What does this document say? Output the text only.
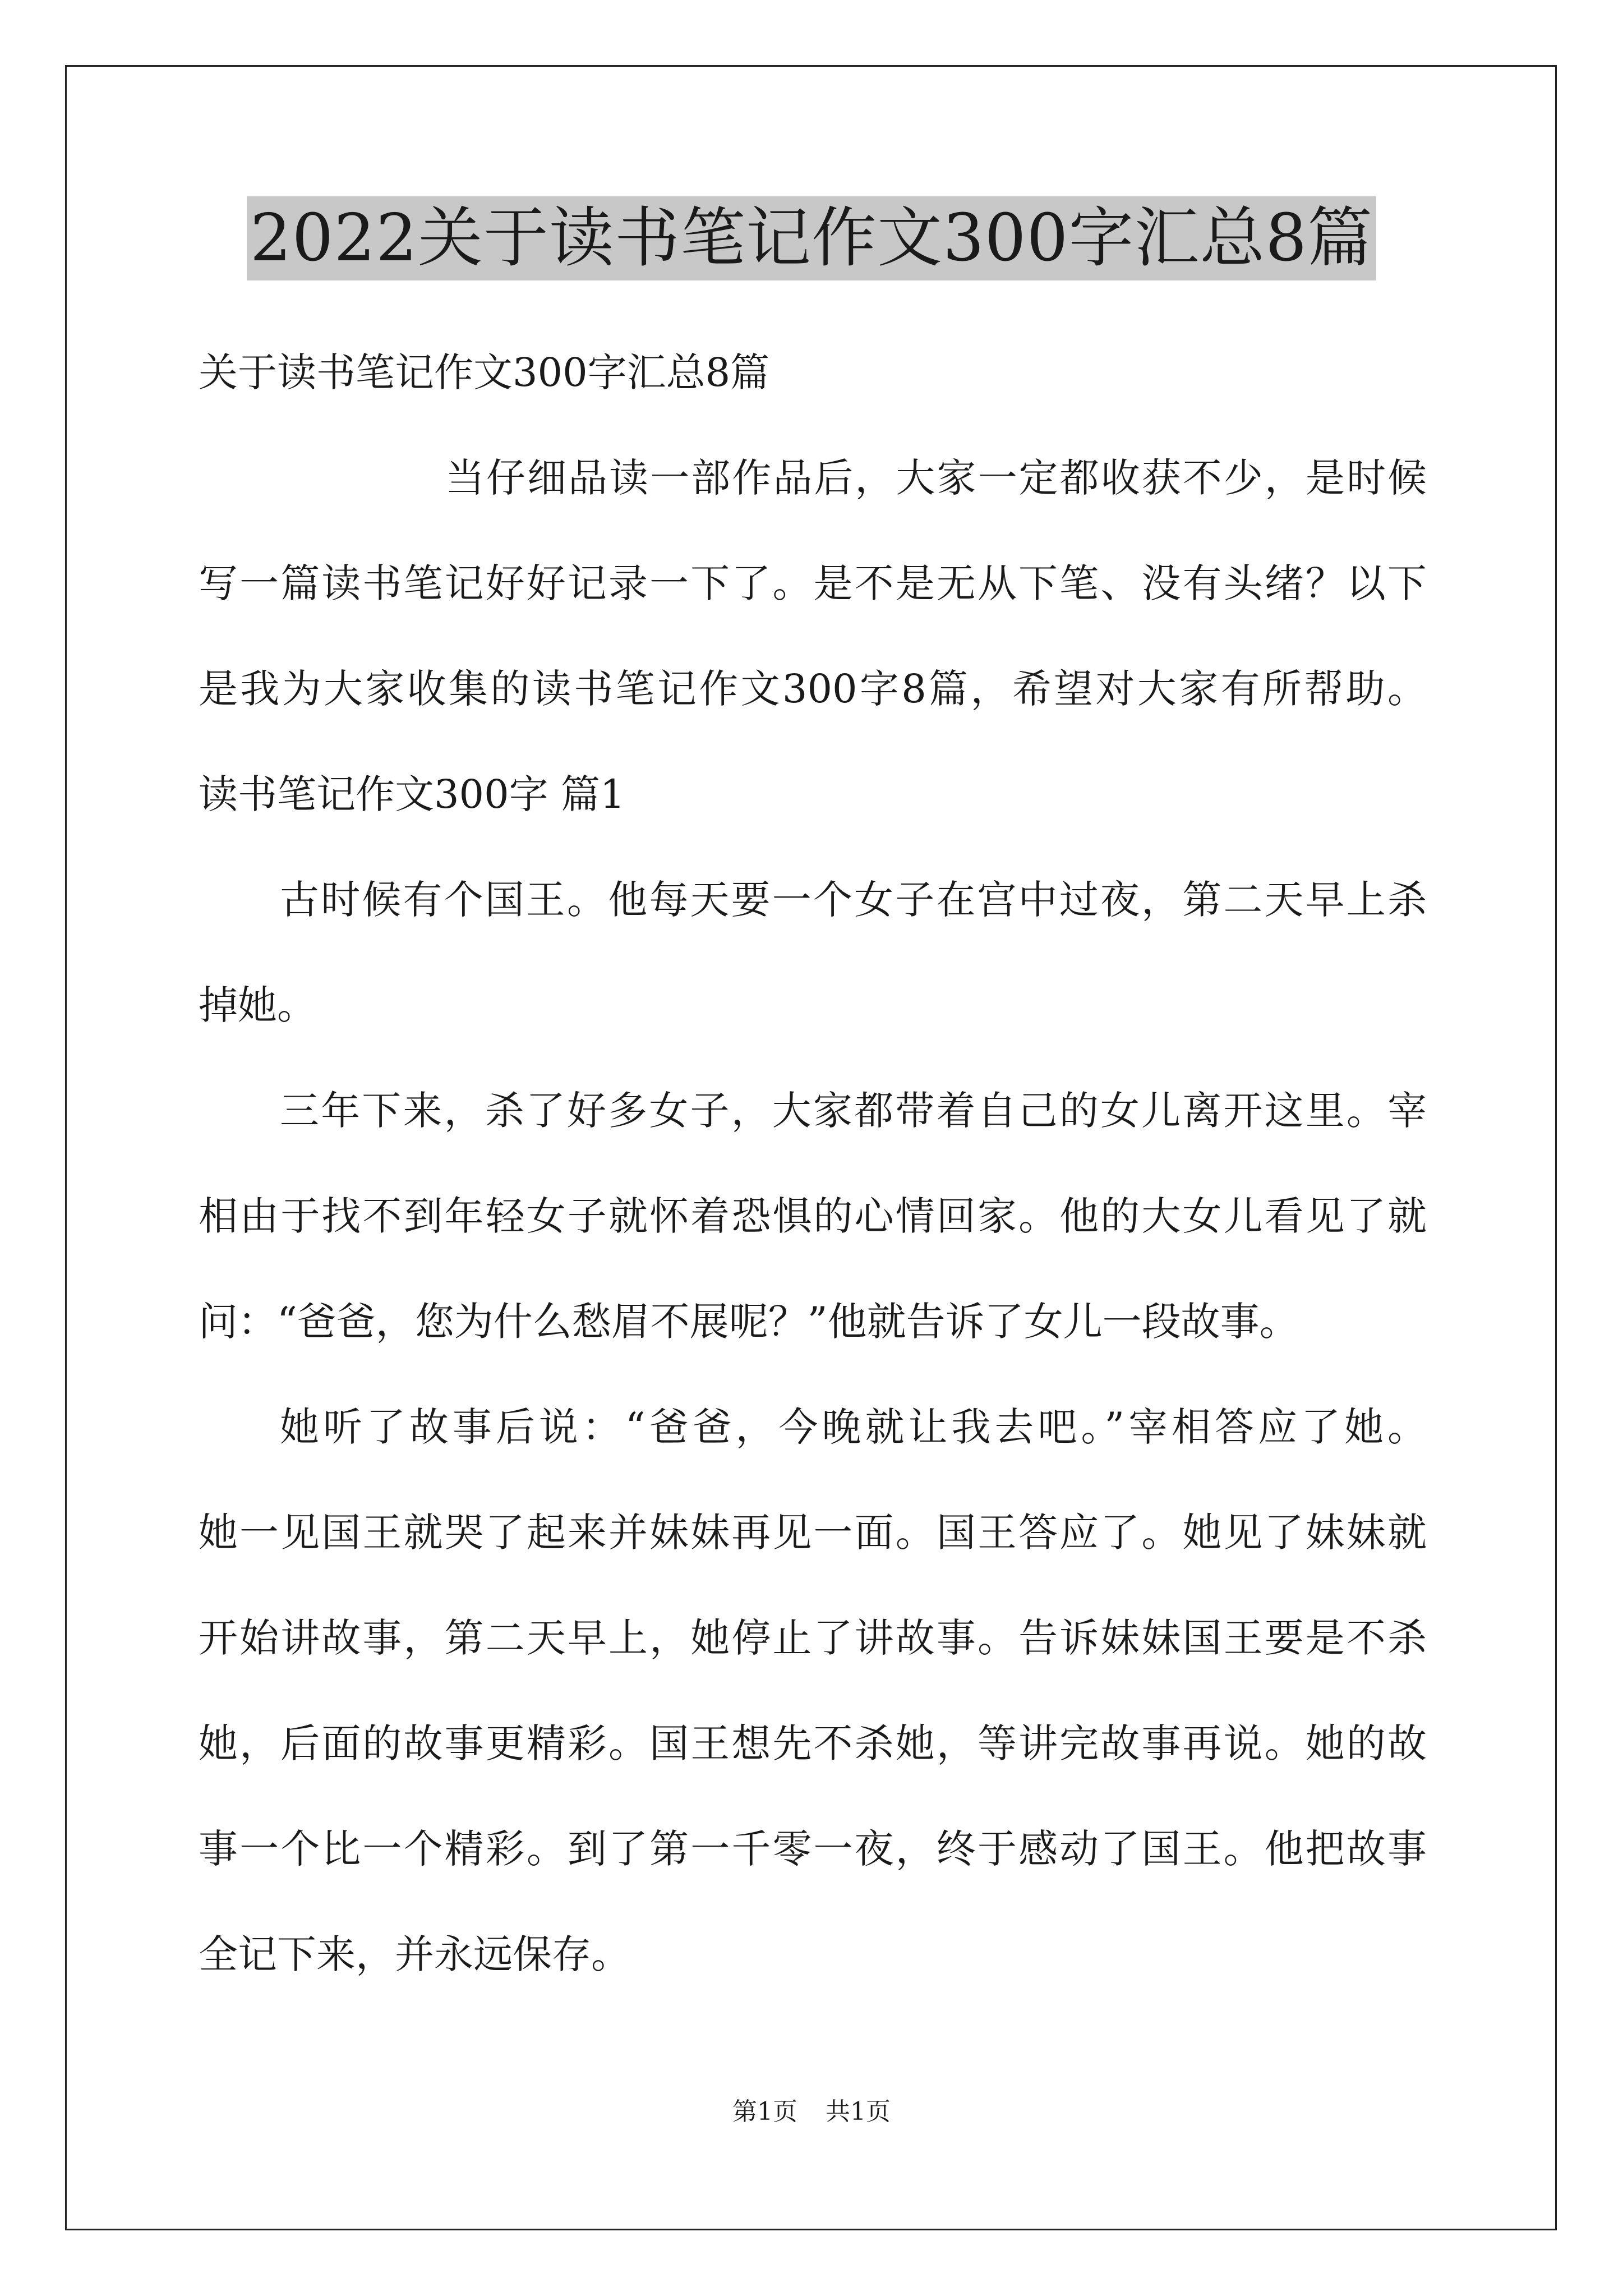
2022关于读书笔记作文300字汇总8篇
关于读书笔记作文300字汇总8篇
当仔细品读一部作品后，大家一定都收获不少，是时候
写一篇读书笔记好好记录一下了。是不是无从下笔、没有头绪？以下
是我为大家收集的读书笔记作文300字8篇，希望对大家有所帮助。
读书笔记作文300字 篇1
古时候有个国王。他每天要一个女子在宫中过夜，第二天早上杀
掉她。
三年下来，杀了好多女子，大家都带着自己的女儿离开这里。宰
相由于找不到年轻女子就怀着恐惧的心情回家。他的大女儿看见了就
问：“爸爸，您为什么愁眉不展呢？”他就告诉了女儿一段故事。
她听了故事后说：“爸爸，今晚就让我去吧。”宰相答应了她。
她一见国王就哭了起来并妹妹再见一面。国王答应了。她见了妹妹就
开始讲故事，第二天早上，她停止了讲故事。告诉妹妹国王要是不杀
她，后面的故事更精彩。国王想先不杀她，等讲完故事再说。她的故
事一个比一个精彩。到了第一千零一夜，终于感动了国王。他把故事
全记下来，并永远保存。
第1页 共1页
